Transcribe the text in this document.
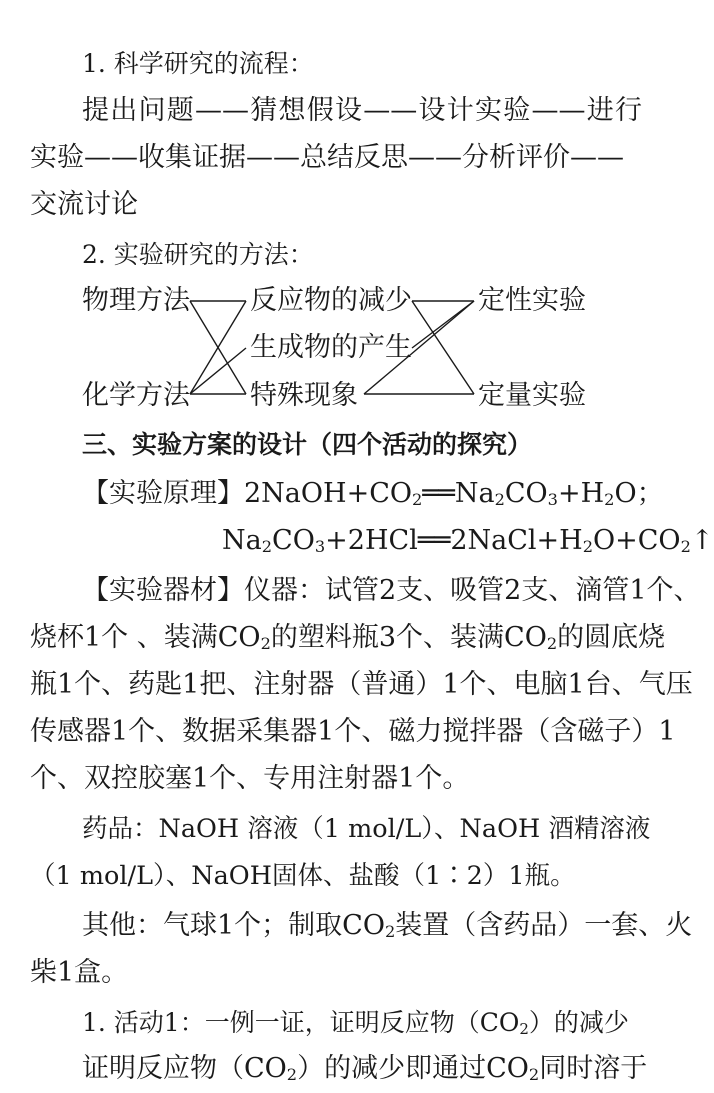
1. 科学研究的流程：
提出问题——猜想假设——设计实验——进行
实验——收集证据——总结反思——分析评价——
交流讨论
2. 实验研究的方法：
物理方法
化学方法
反应物的减少
生成物的产生
特殊现象
定性实验
定量实验
三、实验方案的设计（四个活动的探究）
【实验原理】2NaOH+CO2══Na2CO3+H2O；
Na2CO3+2HCl══2NaCl+H2O+CO2↑
【实验器材】仪器：试管2支、吸管2支、滴管1个、
烧杯1个 、装满CO2的塑料瓶3个、装满CO2的圆底烧
瓶1个、药匙1把、注射器（普通）1个、电脑1台、气压
传感器1个、数据采集器1个、磁力搅拌器（含磁子）1
个、双控胶塞1个、专用注射器1个。
药品：NaOH 溶液（1 mol/L）、NaOH 酒精溶液
（1 mol/L）、NaOH固体、盐酸（1∶2）1瓶。
其他：气球1个；制取CO2装置（含药品）一套、火
柴1盒。
1. 活动1：一例一证，证明反应物$(CO_2)$的减少
证明反应物（CO2）的减少即通过CO2同时溶于
